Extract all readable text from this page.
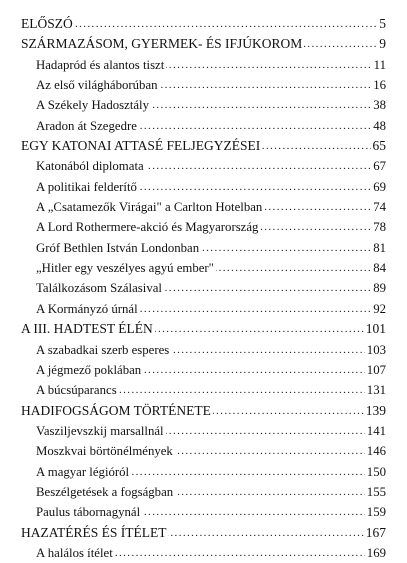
.....
ELŐSZÓ	5
.....
SZÁRMAZÁSOM, GYERMEK- ÉS IFJÚKOROM	9
.....
Hadapród és alantos tiszt	11
.....
Az első világháborúban	16
.....
A Székely Hadosztály	38
.....
Aradon át Szegedre	48
.....
EGY KATONAI ATTASÉ FELJEGYZÉSEI	65
.....
Katonából diplomata	67
.....
A politikai felderítő	69
.....
A „Csatamezők Virágai" a Carlton Hotelban	74
.....
A Lord Rothermere-akció és Magyarország	78
.....
Gróf Bethlen István Londonban	81
.....
„Hitler egy veszélyes agyú ember"	84
.....
Találkozásom Szálasival	89
.....
A Kormányzó úrnál	92
.....
A III. HADTEST ÉLÉN	101
.....
A szabadkai szerb esperes	103
.....
A jégmező poklában	107
.....
A búcsúparancs	131
.....
HADIFOGSÁGOM TÖRTÉNETE	139
.....
Vasziljevszkij marsallnál	141
.....
Moszkvai börtönélmények	146
.....
A magyar légióról	150
.....
Beszélgetések a fogságban	155
.....
Paulus tábornagynál	159
.....
HAZATÉRÉS ÉS ÍTÉLET	167
.....
A halálos ítélet	169
